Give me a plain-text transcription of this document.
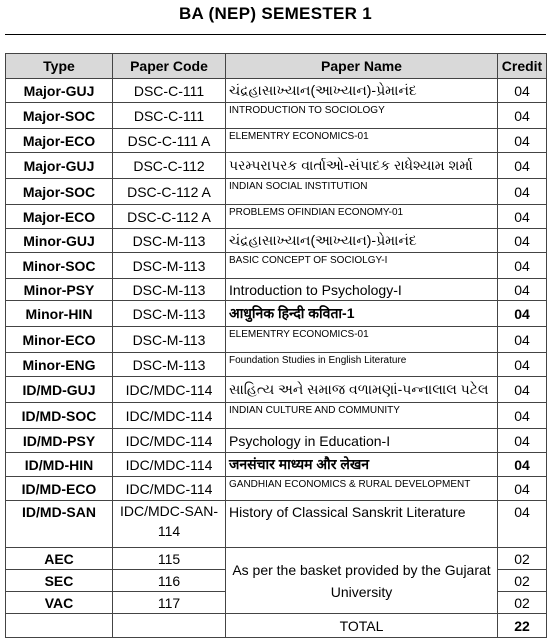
BA (NEP) SEMESTER 1
Type	Paper Code	Paper Name	Credit
Major-GUJ	DSC-C-111	ચંદ્રહાસાખ્યાન(આખ્યાન)-પ્રેમાનંદ	04
Major-SOC	DSC-C-111	INTRODUCTION TO SOCIOLOGY	04
Major-ECO	DSC-C-111 A	ELEMENTRY ECONOMICS-01	04
Major-GUJ	DSC-C-112	પરમ્પરાપરક વાર્તાઓ-સંપાદક રાધેશ્યામ શર્મા	04
Major-SOC	DSC-C-112 A	INDIAN SOCIAL INSTITUTION	04
Major-ECO	DSC-C-112 A	PROBLEMS OFINDIAN ECONOMY-01	04
Minor-GUJ	DSC-M-113	ચંદ્રહાસાખ્યાન(આખ્યાન)-પ્રેમાનંદ	04
Minor-SOC	DSC-M-113	BASIC CONCEPT OF SOCIOLGY-I	04
Minor-PSY	DSC-M-113	Introduction to Psychology-I	04
Minor-HIN	DSC-M-113	आधुनिक हिन्दी कविता-1	04
Minor-ECO	DSC-M-113	ELEMENTRY ECONOMICS-01	04
Minor-ENG	DSC-M-113	Foundation Studies in English Literature	04
ID/MD-GUJ	IDC/MDC-114	સાહિત્ય અને સમાજ વળામણાં-પન્નાલાલ પટેલ	04
ID/MD-SOC	IDC/MDC-114	INDIAN CULTURE AND COMMUNITY	04
ID/MD-PSY	IDC/MDC-114	Psychology in Education-I	04
ID/MD-HIN	IDC/MDC-114	जनसंचार माध्यम और लेखन	04
ID/MD-ECO	IDC/MDC-114	GANDHIAN ECONOMICS & RURAL DEVELOPMENT	04
ID/MD-SAN	IDC/MDC-SAN-114	History of Classical Sanskrit Literature	04
AEC	115	As per the basket provided by the Gujarat University	02
SEC	116		02
VAC	117		02
		TOTAL	22
